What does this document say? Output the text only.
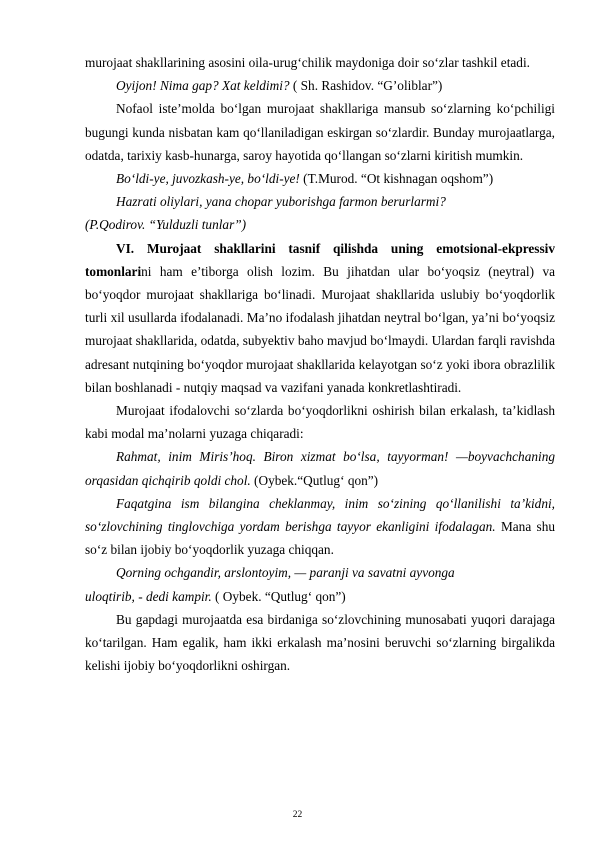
murojaat shakllarining asosini oila-urug‘chilik maydoniga doir so‘zlar tashkil etadi.

Oyijon! Nima gap? Xat keldimi? ( Sh. Rashidov. “G’oliblar”)

Nofaol iste’molda bo‘lgan murojaat shakllariga mansub so‘zlarning ko‘pchiligi bugungi kunda nisbatan kam qo‘llaniladigan eskirgan so‘zlardir. Bunday murojaatlarga, odatda, tarixiy kasb-hunarga, saroy hayotida qo‘llangan so‘zlarni kiritish mumkin.

Bo‘ldi-ye, juvozkash-ye, bo‘ldi-ye! (T.Murod. “Ot kishnagan oqshom”)

Hazrati oliylari, yana chopar yuborishga farmon berurlarmi?

(P.Qodirov. “Yulduzli tunlar”)

VI. Murojaat shakllarini tasnif qilishda uning emotsional-ekpressiv tomonlarini ham e’tiborga olish lozim. Bu jihatdan ular bo‘yoqsiz (neytral) va bo‘yoqdor murojaat shakllariga bo‘linadi. Murojaat shakllarida uslubiy bo‘yoqdorlik turli xil usullarda ifodalanadi. Ma’no ifodalash jihatdan neytral bo‘lgan, ya’ni bo‘yoqsiz murojaat shakllarida, odatda, subyektiv baho mavjud bo‘lmaydi. Ulardan farqli ravishda adresant nutqining bo‘yoqdor murojaat shakllarida kelayotgan so‘z yoki ibora obrazlilik bilan boshlanadi - nutqiy maqsad va vazifani yanada konkretlashtiradi.

Murojaat ifodalovchi so‘zlarda bo‘yoqdorlikni oshirish bilan erkalash, ta’kidlash kabi modal ma’nolarni yuzaga chiqaradi:

Rahmat, inim Miris’hoq. Biron xizmat bo‘lsa, tayyorman! —boyvachchaning orqasidan qichqirib qoldi chol. (Oybek.“Qutlug‘ qon”)

Faqatgina ism bilangina cheklanmay, inim so‘zining qo‘llanilishi ta’kidni, so‘zlovchining tinglovchiga yordam berishga tayyor ekanligini ifodalagan. Mana shu so‘z bilan ijobiy bo‘yoqdorlik yuzaga chiqqan.

Qorning ochgandir, arslontoyim, — paranji va savatni ayvonga

uloqtirib, - dedi kampir. ( Oybek. “Qutlug‘ qon”)

Bu gapdagi murojaatda esa birdaniga so‘zlovchining munosabati yuqori darajaga ko‘tarilgan. Ham egalik, ham ikki erkalash ma’nosini beruvchi so‘zlarning birgalikda kelishi ijobiy bo‘yoqdorlikni oshirgan.

22
